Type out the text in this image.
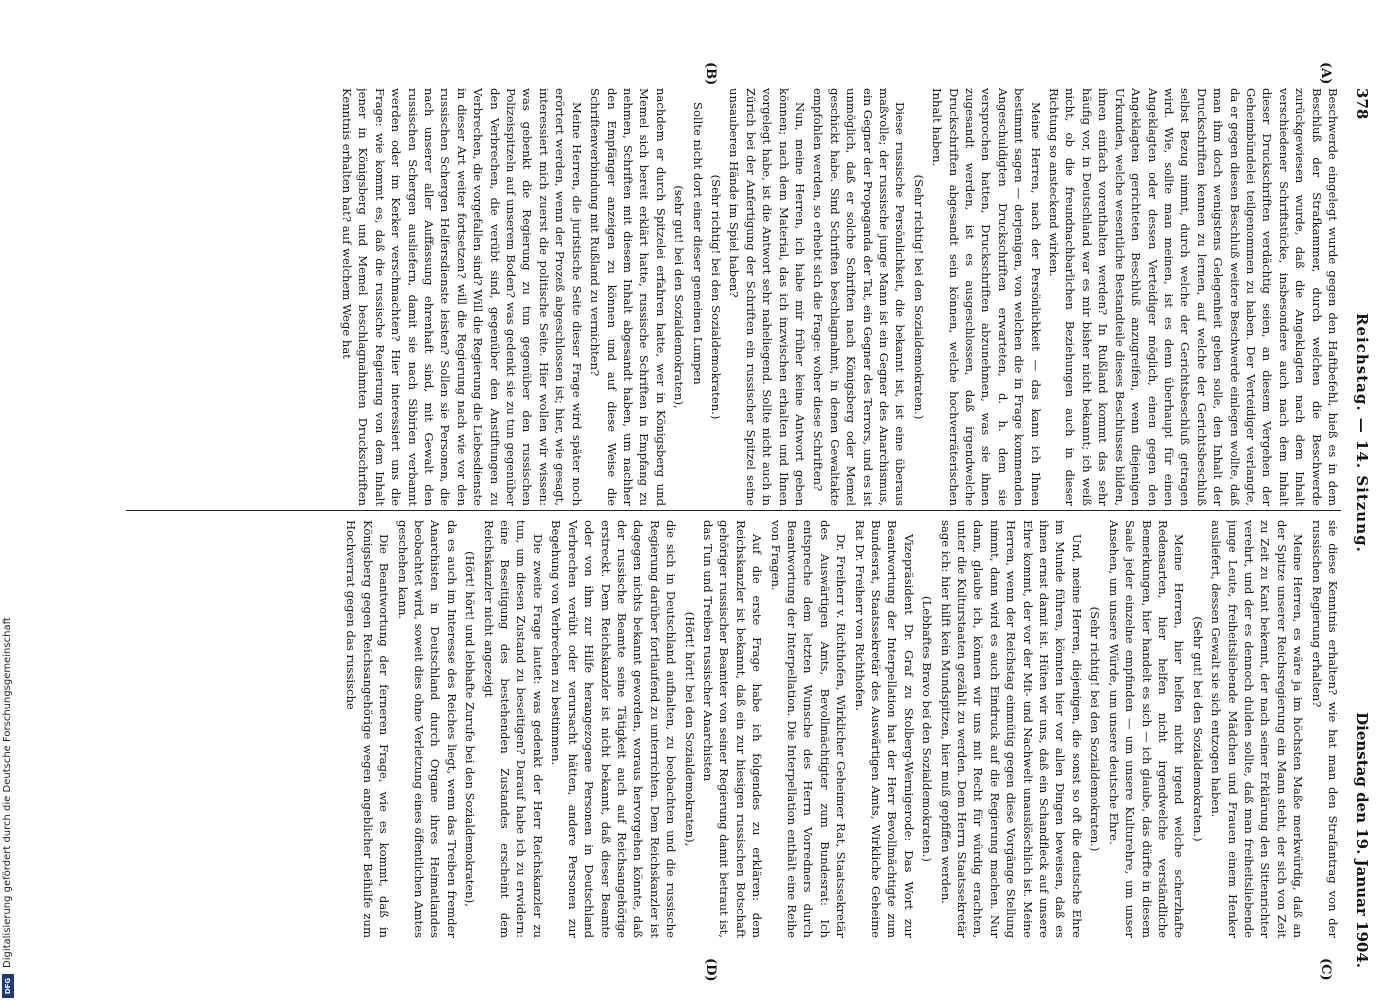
378
Reichstag. — 14. Sitzung.
Dienstag den 19. Januar 1904.
(A)
(B)
(C)
(D)

Beschwerde eingelegt wurde gegen den Haftbefehl, hieß es in dem Beschluß der Strafkammer, durch welchen die Beschwerde zurückgewiesen wurde, daß die Angeklagten nach dem Inhalt verschiedener Schriftstücke, insbesondere auch nach dem Inhalt dieser Druckschriften verdächtig seien, an diesem Vergehen der Geheimbündelei teilgenommen zu haben. Der Verteidiger verlangte, da er gegen diesen Beschluß weitere Beschwerde einlegen wollte, daß man ihm doch wenigstens Gelegenheit geben solle, den Inhalt der Druckschriften kennen zu lernen, auf welche der Gerichtsbeschluß selbst Bezug nimmt, durch welche der Gerichtsbeschluß getragen wird. Wie, sollte man meinen, ist es denn überhaupt für einen Angeklagten oder dessen Verteidiger möglich, einen gegen den Angeklagten gerichteten Beschluß anzugreifen, wenn diejenigen Urkunden, welche wesentliche Bestandteile dieses Beschlusses bilden, ihnen einfach vorenthalten werden? In Rußland kommt das sehr häufig vor, in Deutschland war es mir bisher nicht bekannt; ich weiß nicht, ob die freundnachbarlichen Beziehungen auch in dieser Richtung so ansteckend wirken.

Meine Herren, nach der Persönlichkeit — das kann ich Ihnen bestimmt sagen — derjenigen, von welchen die in Frage kommenden Angeschuldigten Druckschriften erwarteten, d. h. dem sie versprochen hatten, Druckschriften abzunehmen, was sie ihnen zugesandt werden, ist es ausgeschlossen, daß irgendwelche Druckschriften abgesandt sein können, welche hochverräterischen Inhalt haben.

(Sehr richtig! bei den Sozialdemokraten.)

Diese russische Persönlichkeit, die bekannt ist, ist eine überaus maßvolle; der russische junge Mann ist ein Gegner des Anarchismus, ein Gegner der Propaganda der Tat, ein Gegner des Terrors, und es ist unmöglich, daß er solche Schriften nach Königsberg oder Memel geschickt habe. Sind Schriften beschlagnahmt, in denen Gewaltakte empfohlen werden, so erhebt sich die Frage: woher diese Schriften?

Nun, meine Herren, ich habe mir früher keine Antwort geben können; nach dem Material, das ich inzwischen erhalten und Ihnen vorgelegt habe, ist die Antwort sehr naheliegend. Sollte nicht auch in Zürich bei der Anfertigung der Schriften ein russischer Spitzel seine unsauberen Hände im Spiel haben?

(Sehr richtig! bei den Sozialdemokraten.)

Sollte nicht dort einer dieser gemeinen Lumpen

(sehr gut! bei den Sozialdemokraten),

nachdem er durch Spitzelei erfahren hatte, wer in Königsberg und Memel sich bereit erklärt hatte, russische Schriften in Empfang zu nehmen, Schriften mit diesem Inhalt abgesandt haben, um nachher den Empfänger anzeigen zu können und auf diese Weise die Schriftenverbindung mit Rußland zu vernichten?

Meine Herren, die juristische Seite dieser Frage wird später noch erörtert werden, wenn der Prozeß abgeschlossen ist; hier, wie gesagt, interessiert mich zuerst die politische Seite. Hier wollen wir wissen: was gebenkt die Regierung zu tun gegenüber den russischen Polizeispitzeln auf unserem Boden? was gedenkt sie zu tun gegenüber den Verbrechen, die verübt sind, gegenüber den Anstiftungen zu Verbrechen, die vorgefallen sind? Will die Regierung die Liebesdienste in dieser Art weiter fortsetzen? will die Regierung nach wie vor den russischen Schergen Helfersdienste leisten? Sollen sie Personen, die nach unserer aller Auffassung ehrenhaft sind, mit Gewalt den russischen Schergen ausliefern, damit sie nach Sibirien verbannt werden oder im Kerker verschmachten? Hier interessiert uns die Frage: wie kommt es, daß die russische Regierung von dem Inhalt jener in Königsberg und Memel beschlagnahmten Druckschriften Kenntnis erhalten hat? auf welchem Wege hat

sie diese Kenntnis erhalten? wie hat man den Strafantrag von der russischen Regierung erhalten?

Meine Herren, es wäre ja im höchsten Maße merkwürdig, daß an der Spitze unserer Reichsregierung ein Mann steht, der sich von Zeit zu Zeit zu Kant bekennt, der nach seiner Erklärung den Sittenrichter verehrt, und der es dennoch dulden sollte, daß man freiheitsliebende junge Leute, freiheitsliebende Mädchen und Frauen einem Henker ausliefert, dessen Gewalt sie sich entzogen haben.

(Sehr gut! bei den Sozialdemokraten.)

Meine Herren, hier helfen nicht irgend welche scherzhafte Redensarten, hier helfen nicht irgendwelche verständliche Bemerkungen, hier handelt es sich — ich glaube, das dürfte in diesem Saale jeder einzelne empfinden — um unsere Kulturehre, um unser Ansehen, um unsere Würde, um unsere deutsche Ehre.

(Sehr richtig! bei den Sozialdemokraten.)

Und, meine Herren, diejenigen, die sonst so oft die deutsche Ehre im Munde führen, könnten hier vor allen Dingen beweisen, daß es ihnen ernst damit ist. Hüten wir uns, daß ein Schandfleck auf unsere Ehre kommt, der vor der Mit- und Nachwelt unauslöschlich ist. Meine Herren, wenn der Reichstag einmütig gegen diese Vorgänge Stellung nimmt, dann wird es auch Eindruck auf die Regierung machen. Nur dann, glaube ich, können wir uns mit Recht für würdig erachten, unter die Kulturstaaten gezählt zu werden. Dem Herrn Staatssekretär sage ich: hier hilft kein Mundspitzen, hier muß gepfiffen werden.

(Lebhaftes Bravo bei den Sozialdemokraten.)

Vizepräsident Dr. Graf zu Stolberg-Wernigerode: Das Wort zur Beantwortung der Interpellation hat der Herr Bevollmächtigte zum Bundesrat, Staatssekretär des Auswärtigen Amts, Wirkliche Geheime Rat Dr. Freiherr von Richthofen.

Dr. Freiherr v. Richthofen, Wirklicher Geheimer Rat, Staatssekretär des Auswärtigen Amts, Bevollmächtigter zum Bundesrat: Ich entspreche dem letzten Wunsche des Herrn Vorredners durch Beantwortung der Interpellation. Die Interpellation enthält eine Reihe von Fragen.

Auf die erste Frage habe ich folgendes zu erklären: dem Reichskanzler ist bekannt, daß ein zur hiesigen russischen Botschaft gehöriger russischer Beamter von seiner Regierung damit betraut ist, das Tun und Treiben russischer Anarchisten

(Hört! hört! bei den Sozialdemokraten),

die sich in Deutschland aufhalten, zu beobachten und die russische Regierung darüber fortlaufend zu unterrichten. Dem Reichskanzler ist dagegen nichts bekannt geworden, woraus hervorgehen könnte, daß der russische Beamte seine Tätigkeit auch auf Reichsangehörige erstreckt. Dem Reichskanzler ist nicht bekannt, daß dieser Beamte oder von ihm zur Hilfe herangezogene Personen in Deutschland Verbrechen verübt oder verursacht hätten, andere Personen zur Begehung von Verbrechen zu bestimmen.

Die zweite Frage lautet: was gedenkt der Herr Reichskanzler zu tun, um diesen Zustand zu beseitigen? Darauf habe ich zu erwidern: eine Beseitigung des bestehenden Zustandes erscheint dem Reichskanzler nicht angezeigt

(Hört! hört! und lebhafte Zurufe bei den Sozialdemokraten),

da es auch im Interesse des Reiches liegt, wenn das Treiben fremder Anarchisten in Deutschland durch Organe ihres Heimatlandes beobachtet wird, soweit dies ohne Verletzung eines öffentlichen Amtes geschehen kann.

Die Beantwortung der ferneren Frage, wie es kommt, daß in Königsberg gegen Reichsangehörige wegen angeblicher Beihilfe zum Hochverrat gegen das russische

DFG
Digitalisierung gefördert durch die Deutsche Forschungsgemeinschaft
